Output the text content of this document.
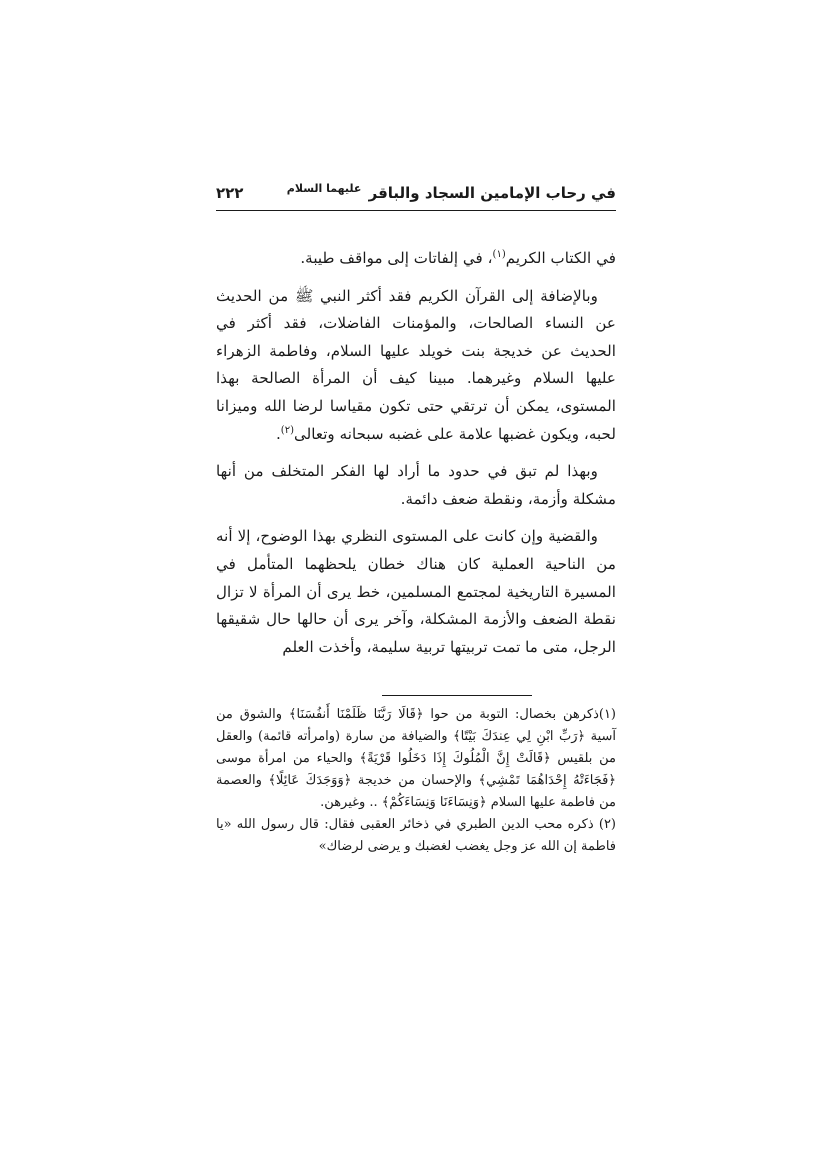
في رحاب الإمامين السجاد والباقر $^{عليهما السلام}$
٢٢٢

في الكتاب الكريم$^{(١)}$، في إلفاتات إلى مواقف طيبة.

وبالإضافة إلى القرآن الكريم فقد أكثر النبي ﷺ من الحديث عن النساء الصالحات، والمؤمنات الفاضلات، فقد أكثر في الحديث عن خديجة بنت خويلد عليها السلام، وفاطمة الزهراء عليها السلام وغيرهما. مبينا كيف أن المرأة الصالحة بهذا المستوى، يمكن أن ترتقي حتى تكون مقياسا لرضا الله وميزانا لحبه، ويكون غضبها علامة على غضبه سبحانه وتعالى$^{(٢)}$.

وبهذا لم تبق في حدود ما أراد لها الفكر المتخلف من أنها مشكلة وأزمة، ونقطة ضعف دائمة.

والقضية وإن كانت على المستوى النظري بهذا الوضوح، إلا أنه من الناحية العملية كان هناك خطان يلحظهما المتأمل في المسيرة التاريخية لمجتمع المسلمين، خط يرى أن المرأة لا تزال نقطة الضعف والأزمة المشكلة، وآخر يرى أن حالها حال شقيقها الرجل، متى ما تمت تربيتها تربية سليمة، وأخذت العلم

(١)ذكرهن بخصال: التوبة من حوا ﴿قَالَا رَبَّنَا ظَلَمْنَا أَنفُسَنَا﴾ والشوق من آسية ﴿رَبِّ ابْنِ لِي عِندَكَ بَيْتًا﴾ والضيافة من سارة (وامرأته قائمة) والعقل من بلقيس ﴿قَالَتْ إِنَّ الْمُلُوكَ إِذَا دَخَلُوا قَرْيَةً﴾ والحياء من امرأة موسى ﴿فَجَاءَتْهُ إِحْدَاهُمَا تَمْشِي﴾ والإحسان من خديجة ﴿وَوَجَدَكَ عَائِلًا﴾ والعصمة من فاطمة عليها السلام ﴿وَنِسَاءَنَا وَنِسَاءَكُمْ﴾ .. وغيرهن.

(٢) ذكره محب الدين الطبري في ذخائر العقبى فقال: قال رسول الله «يا فاطمة إن الله عز وجل يغضب لغضبك و يرضى لرضاك»
